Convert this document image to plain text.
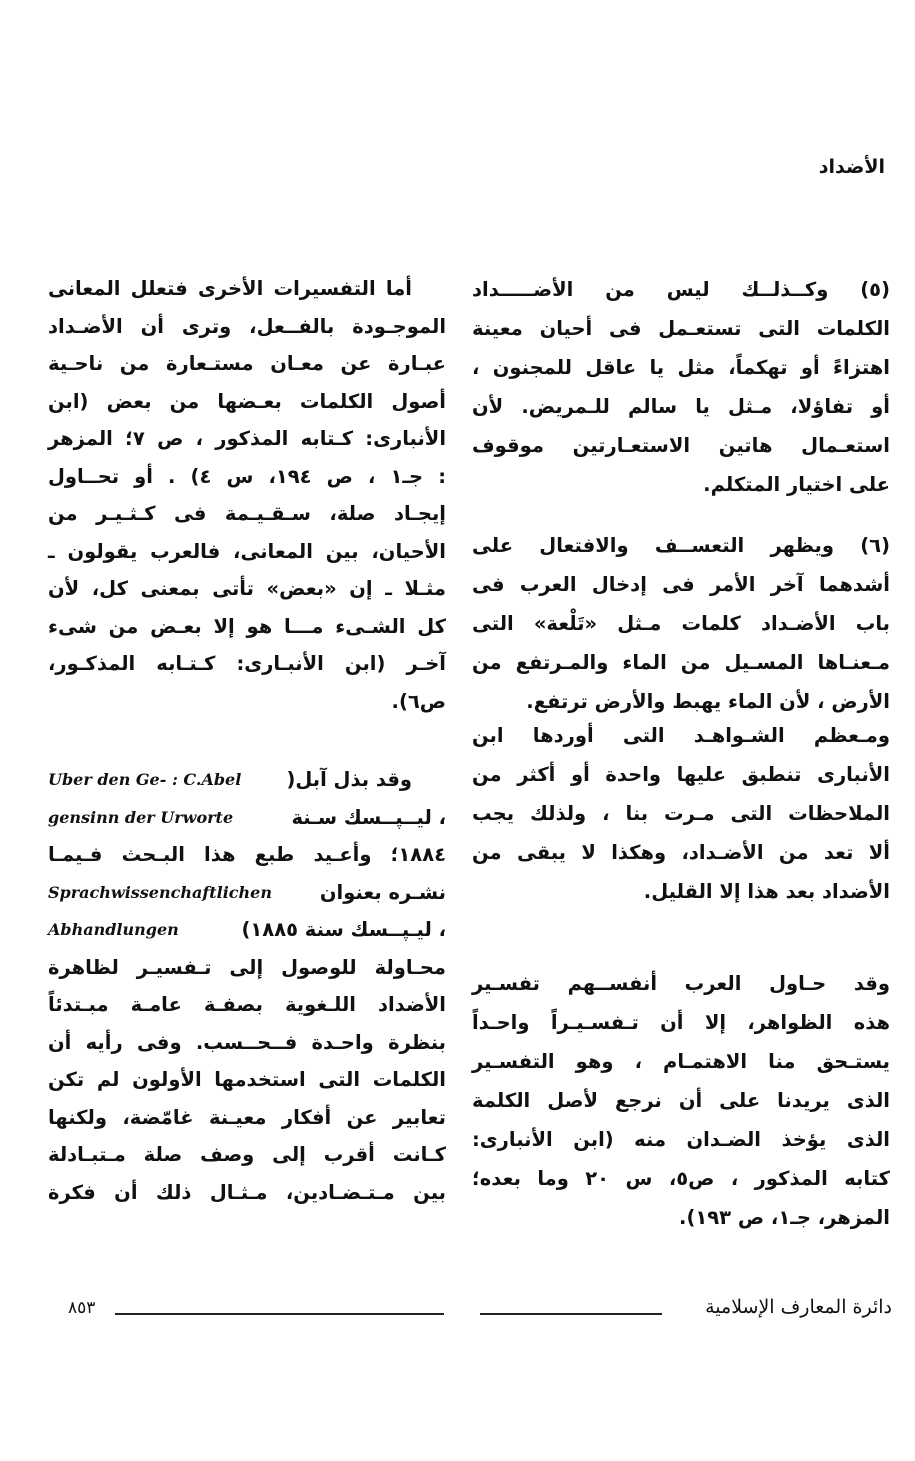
الأضداد
(٥) وكــذلــك ليس من الأضـــــداد
الكلمات التى تستعـمل فى أحيان معينة
اهتزاءً أو تهكماً، مثل يا عاقل للمجنون ،
أو تفاؤلا، مـثل يا سالم للـمريض. لأن
استعـمال هاتين الاستعـارتين موقوف
على اختيار المتكلم.
(٦) ويظهر التعســف والافتعال على
أشدهما آخر الأمر فى إدخال العرب فى
باب الأضـداد كلمات مـثل «تَلْعة» التى
مـعنـاها المسـيل من الماء والمـرتفع من
الأرض ، لأن الماء يهبط والأرض ترتفع.
ومـعظم الشـواهـد التى أوردها ابن
الأنبارى تنطبق عليها واحدة أو أكثر من
الملاحظات التى مـرت بنا ، ولذلك يجب
ألا تعد من الأضـداد، وهكذا لا يبقى من
الأضداد بعد هذا إلا القليل.
وقد حـاول العرب أنفســهم تفسـير
هذه الظواهر، إلا أن تـفسـيـراً واحـداً
يستـحق منا الاهتمـام ، وهو التفسـير
الذى يريدنا على أن نرجع لأصل الكلمة
الذى يؤخذ الضـدان منه (ابن الأنبارى:
كتابه المذكور ، ص٥، س ٢٠ وما بعده؛
المزهر، جـ١، ص ١٩٣).
أما التفسيرات الأخرى فتعلل المعانى
الموجـودة بالفــعل، وترى أن الأضـداد
عبـارة عن معـان مستـعارة من ناحـية
أصول الكلمات بعـضها من بعض (ابن
الأنبارى: كـتابه المذكور ، ص ٧؛ المزهر
: جـ١ ، ص ١٩٤، س ٤) . أو تحــاول
إيجـاد صلة، سـقـيـمة فى كـثـيـر من
الأحيان، بين المعانى، فالعرب يقولون ـ
مثـلا ـ إن «بعض» تأتى بمعنى كل، لأن
كل الشـىء مـــا هو إلا بعـض من شىء
آخـر (ابن الأنبـارى: كـتـابه المذكـور،
ص٦).
وقد بذل آبل(
Uber den Ge- : C.Abel
، ليــپــسك سـنة
gensinn der Urworte
١٨٨٤؛ وأعـيد طبع هذا البـحث فـيمـا
نشـره بعنوان
Sprachwissenchaftlichen
، ليـپــسك سنة ١٨٨٥)
Abhandlungen
محـاولة للوصول إلى تـفسيـر لظاهرة
الأضداد اللـغوية بصفـة عامـة مبـتدئاً
بنظرة واحـدة فــحــسب. وفى رأيه أن
الكلمات التى استخدمها الأولون لم تكن
تعابير عن أفكار معيـنة غامّضة، ولكنها
كـانت أقرب إلى وصف صلة مـتبـادلة
بين مـتـضـادين، مـثـال ذلك أن فكرة
دائرة المعارف الإسلامية
٨٥٣
